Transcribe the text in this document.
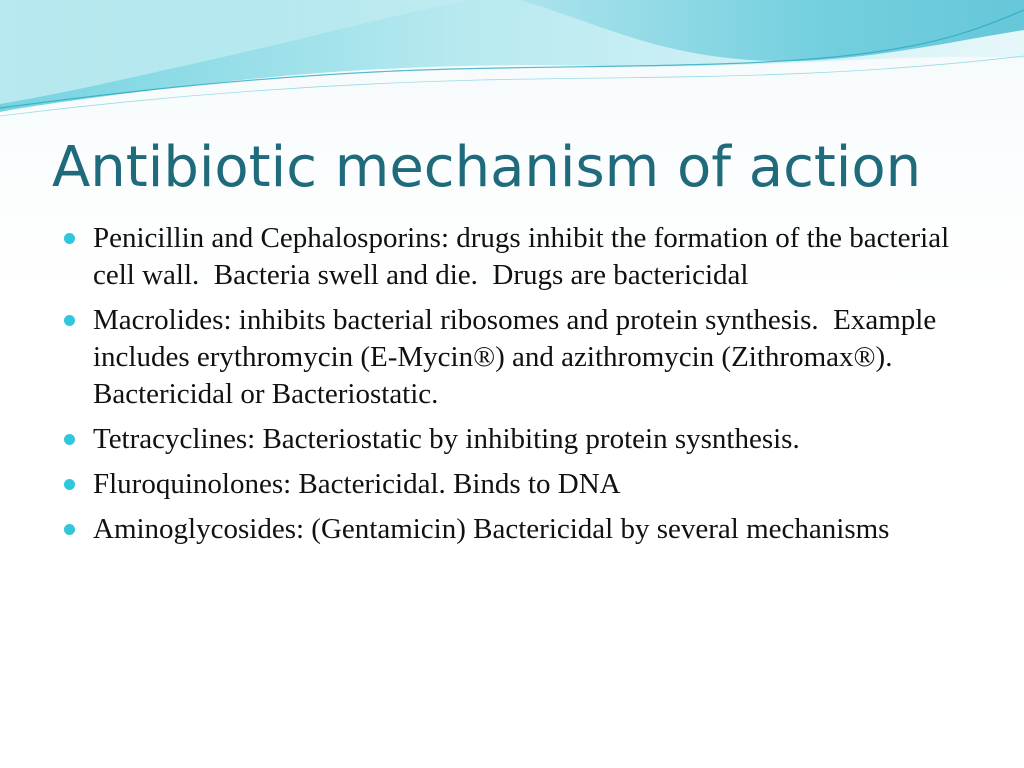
Antibiotic mechanism of action
Penicillin and Cephalosporins: drugs inhibit the formation of the bacterial cell wall.  Bacteria swell and die.  Drugs are bactericidal
Macrolides: inhibits bacterial ribosomes and protein synthesis.  Example includes erythromycin (E-Mycin®) and azithromycin (Zithromax®).  Bactericidal or Bacteriostatic.
Tetracyclines: Bacteriostatic by inhibiting protein sysnthesis.
Fluroquinolones: Bactericidal. Binds to DNA
Aminoglycosides: (Gentamicin) Bactericidal by several mechanisms
